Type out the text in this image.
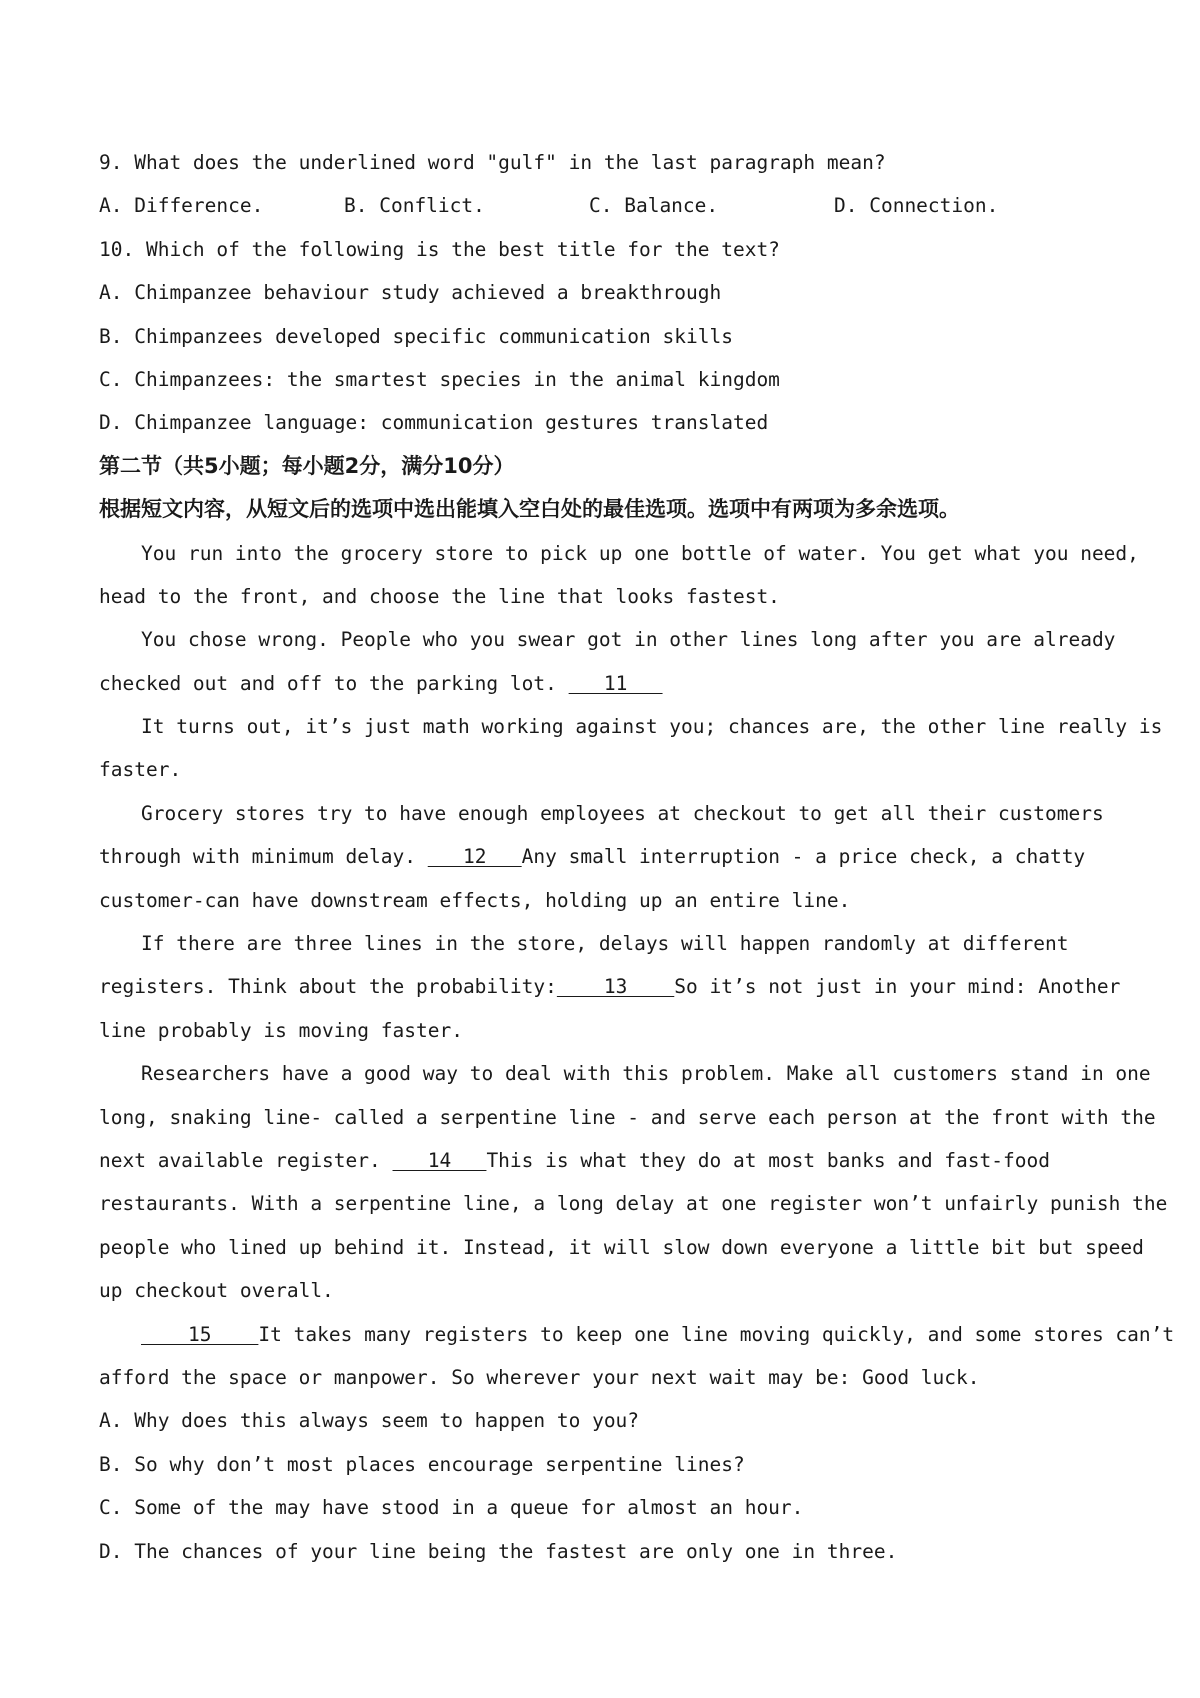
9. What does the underlined word "gulf" in the last paragraph mean?
A. Difference.	B. Conflict.	C. Balance.	D. Connection.
10. Which of the following is the best title for the text?
A. Chimpanzee behaviour study achieved a breakthrough
B. Chimpanzees developed specific communication skills
C. Chimpanzees: the smartest species in the animal kingdom
D. Chimpanzee language: communication gestures translated
第二节（共5小题；每小题2分，满分10分）
根据短文内容，从短文后的选项中选出能填入空白处的最佳选项。选项中有两项为多余选项。
You run into the grocery store to pick up one bottle of water. You get what you need,
head to the front, and choose the line that looks fastest.
You chose wrong. People who you swear got in other lines long after you are already
checked out and off to the parking lot.    11
It turns out, it’s just math working against you; chances are, the other line really is
faster.
Grocery stores try to have enough employees at checkout to get all their customers
through with minimum delay.    12   Any small interruption - a price check, a chatty
customer-can have downstream effects, holding up an entire line.
If there are three lines in the store, delays will happen randomly at different
registers. Think about the probability:    13    So it’s not just in your mind: Another
line probably is moving faster.
Researchers have a good way to deal with this problem. Make all customers stand in one
long, snaking line- called a serpentine line - and serve each person at the front with the
next available register.    14   This is what they do at most banks and fast-food
restaurants. With a serpentine line, a long delay at one register won’t unfairly punish the
people who lined up behind it. Instead, it will slow down everyone a little bit but speed
up checkout overall.
15    It takes many registers to keep one line moving quickly, and some stores can’t
afford the space or manpower. So wherever your next wait may be: Good luck.
A. Why does this always seem to happen to you?
B. So why don’t most places encourage serpentine lines?
C. Some of the may have stood in a queue for almost an hour.
D. The chances of your line being the fastest are only one in three.
